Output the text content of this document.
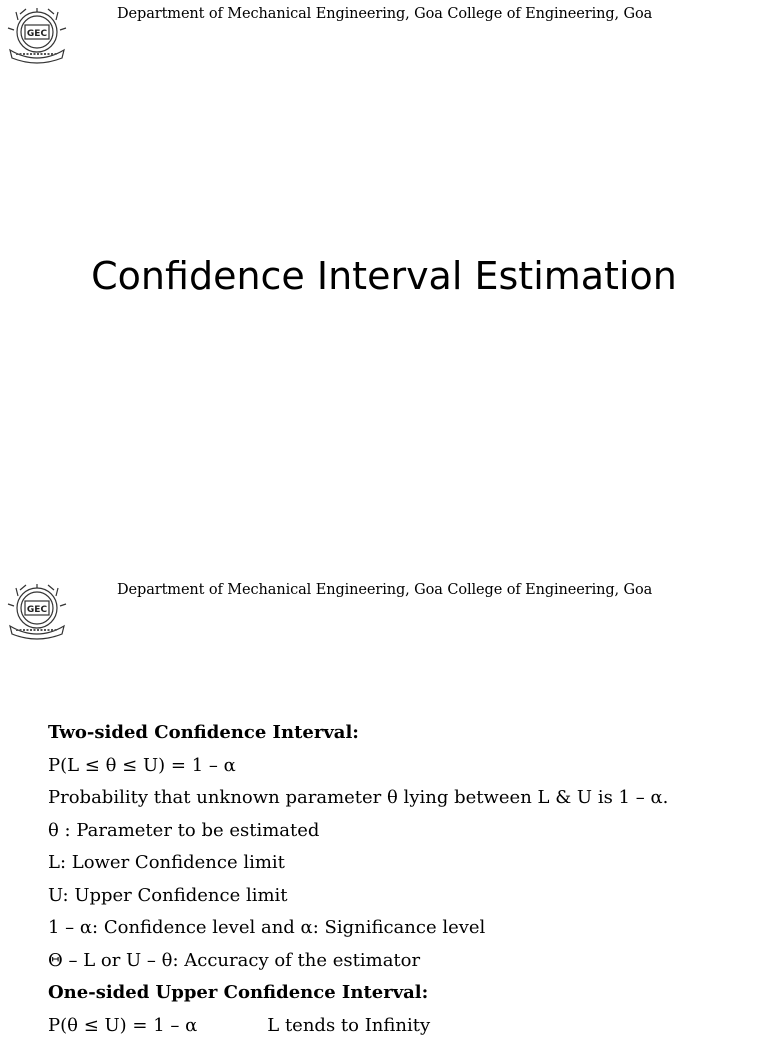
GEC
Department of Mechanical Engineering, Goa College of Engineering, Goa
Confidence Interval Estimation
GEC
Department of Mechanical Engineering, Goa College of Engineering, Goa
Two-sided Confidence Interval:
P(L ≤ θ ≤ U) = 1 – α
Probability that unknown parameter θ lying between L & U is 1 – α.
θ : Parameter to be estimated
L: Lower Confidence limit
U: Upper Confidence limit
1 – α: Confidence level and α: Significance level
Θ – L or U – θ: Accuracy of the estimator
One-sided Upper Confidence Interval:
P(θ ≤ U) = 1 – α	L tends to Infinity
